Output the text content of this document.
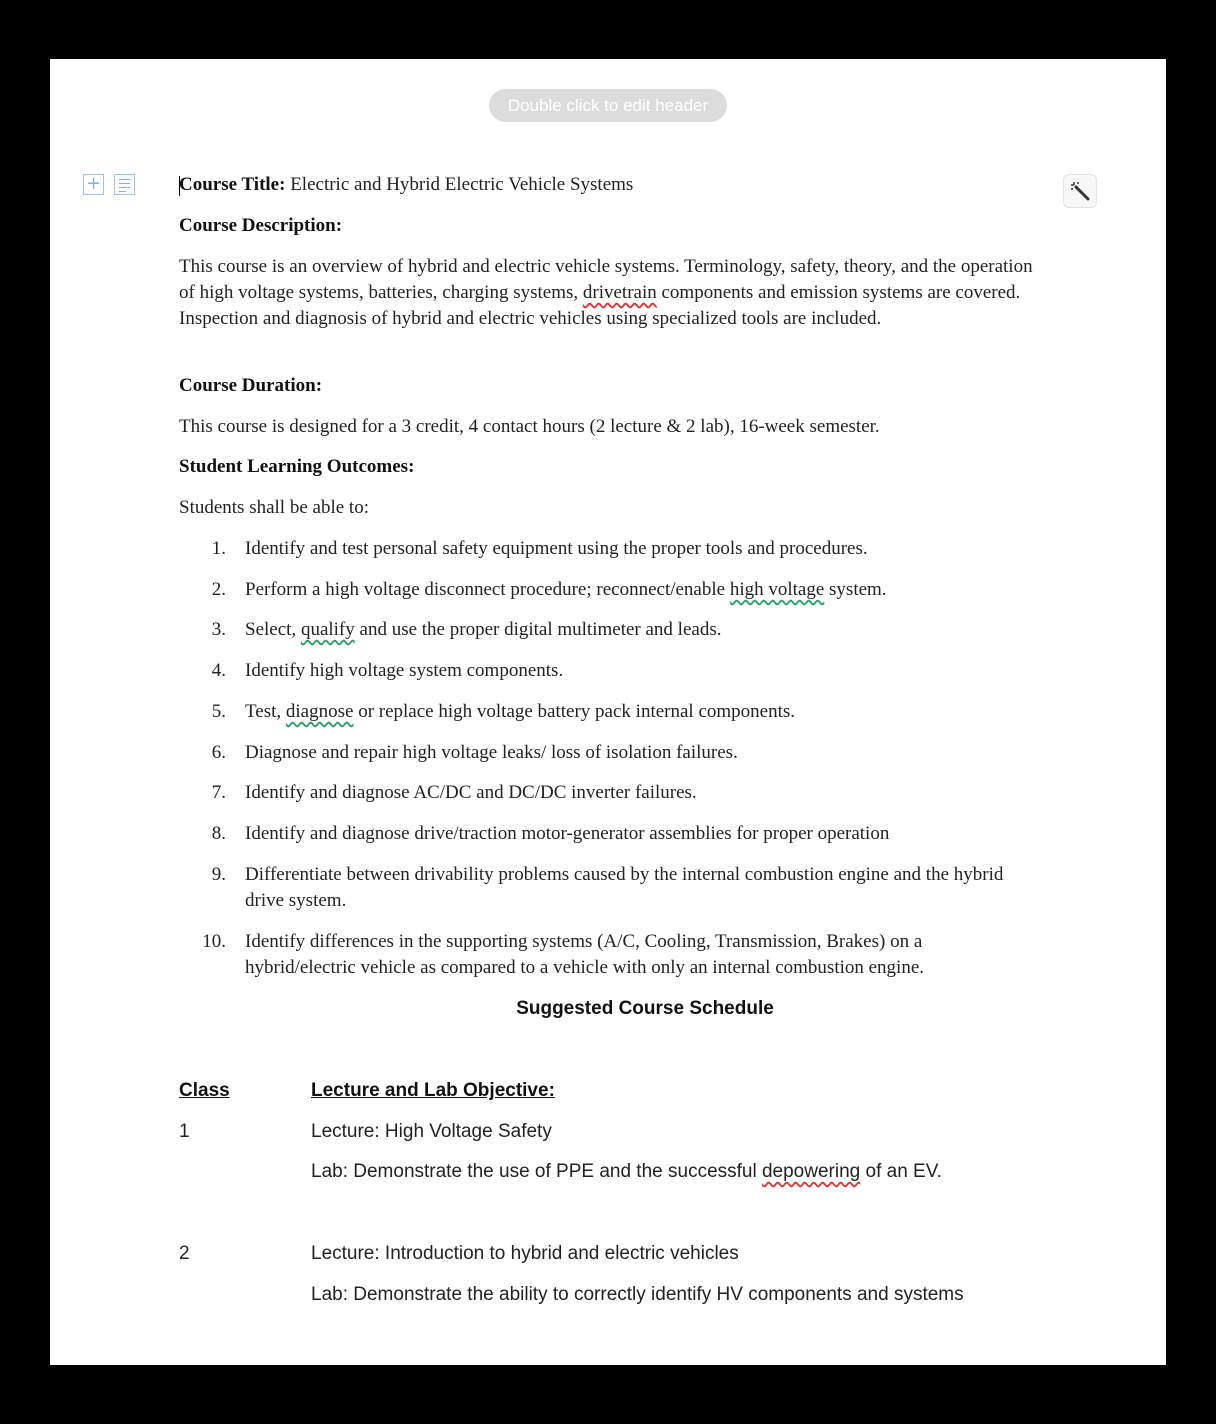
Double click to edit header
+	Course Title: Electric and Hybrid Electric Vehicle Systems
Course Description:
This course is an overview of hybrid and electric vehicle systems. Terminology, safety, theory, and the operation of high voltage systems, batteries, charging systems, drivetrain components and emission systems are covered. Inspection and diagnosis of hybrid and electric vehicles using specialized tools are included.
Course Duration:
This course is designed for a 3 credit, 4 contact hours (2 lecture & 2 lab), 16-week semester.
Student Learning Outcomes:
Students shall be able to:
1. Identify and test personal safety equipment using the proper tools and procedures.
2. Perform a high voltage disconnect procedure; reconnect/enable high voltage system.
3. Select, qualify and use the proper digital multimeter and leads.
4. Identify high voltage system components.
5. Test, diagnose or replace high voltage battery pack internal components.
6. Diagnose and repair high voltage leaks/ loss of isolation failures.
7. Identify and diagnose AC/DC and DC/DC inverter failures.
8. Identify and diagnose drive/traction motor-generator assemblies for proper operation
9. Differentiate between drivability problems caused by the internal combustion engine and the hybrid drive system.
10. Identify differences in the supporting systems (A/C, Cooling, Transmission, Brakes) on a hybrid/electric vehicle as compared to a vehicle with only an internal combustion engine.
Suggested Course Schedule
Class	Lecture and Lab Objective:
1	Lecture: High Voltage Safety
Lab: Demonstrate the use of PPE and the successful depowering of an EV.
2	Lecture: Introduction to hybrid and electric vehicles
Lab: Demonstrate the ability to correctly identify HV components and systems
